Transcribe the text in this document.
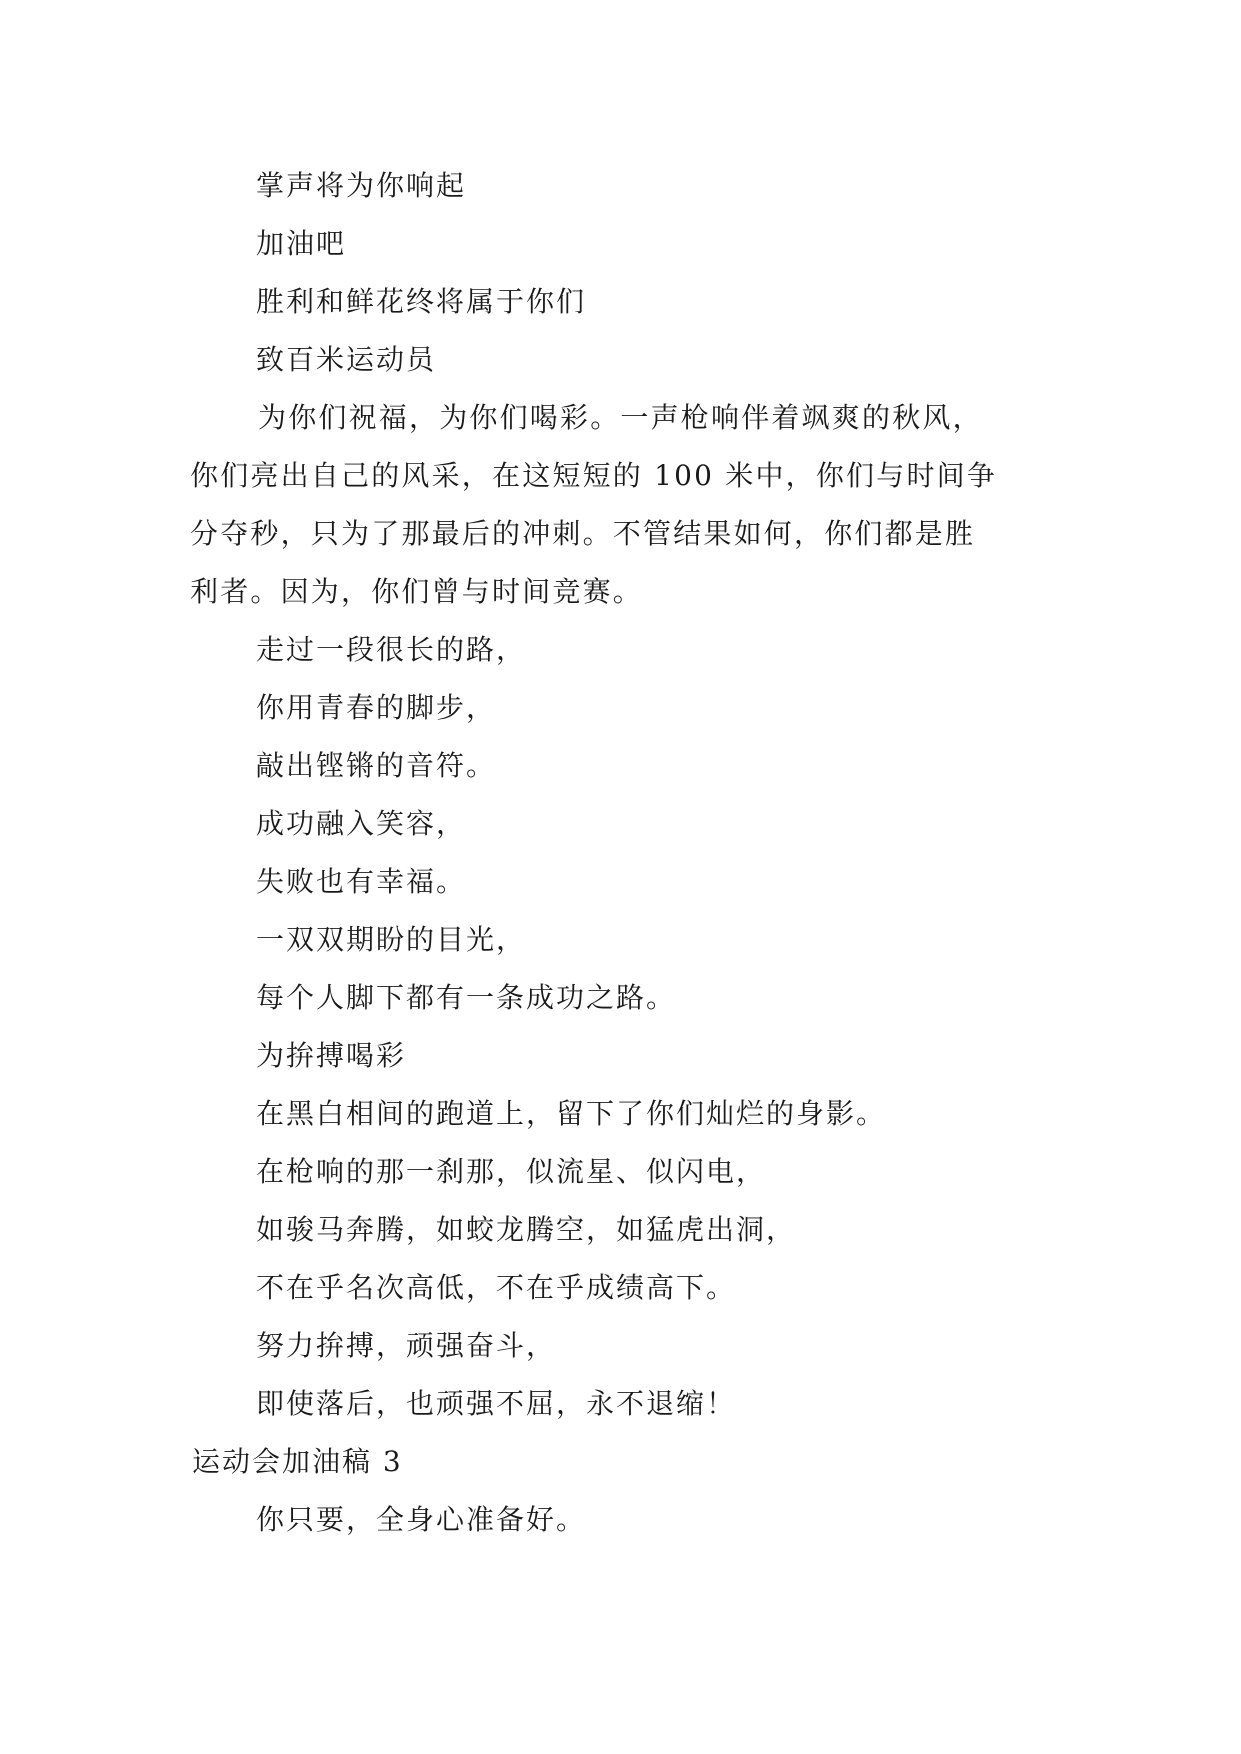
掌声将为你响起
加油吧
胜利和鲜花终将属于你们
致百米运动员
为你们祝福，为你们喝彩。一声枪响伴着飒爽的秋风，
你们亮出自己的风采，在这短短的 100 米中，你们与时间争
分夺秒，只为了那最后的冲刺。不管结果如何，你们都是胜
利者。因为，你们曾与时间竞赛。
走过一段很长的路，
你用青春的脚步，
敲出铿锵的音符。
成功融入笑容，
失败也有幸福。
一双双期盼的目光，
每个人脚下都有一条成功之路。
为拚搏喝彩
在黑白相间的跑道上，留下了你们灿烂的身影。
在枪响的那一刹那，似流星、似闪电，
如骏马奔腾，如蛟龙腾空，如猛虎出洞，
不在乎名次高低，不在乎成绩高下。
努力拚搏，顽强奋斗，
即使落后，也顽强不屈，永不退缩！
运动会加油稿 3
你只要，全身心准备好。
